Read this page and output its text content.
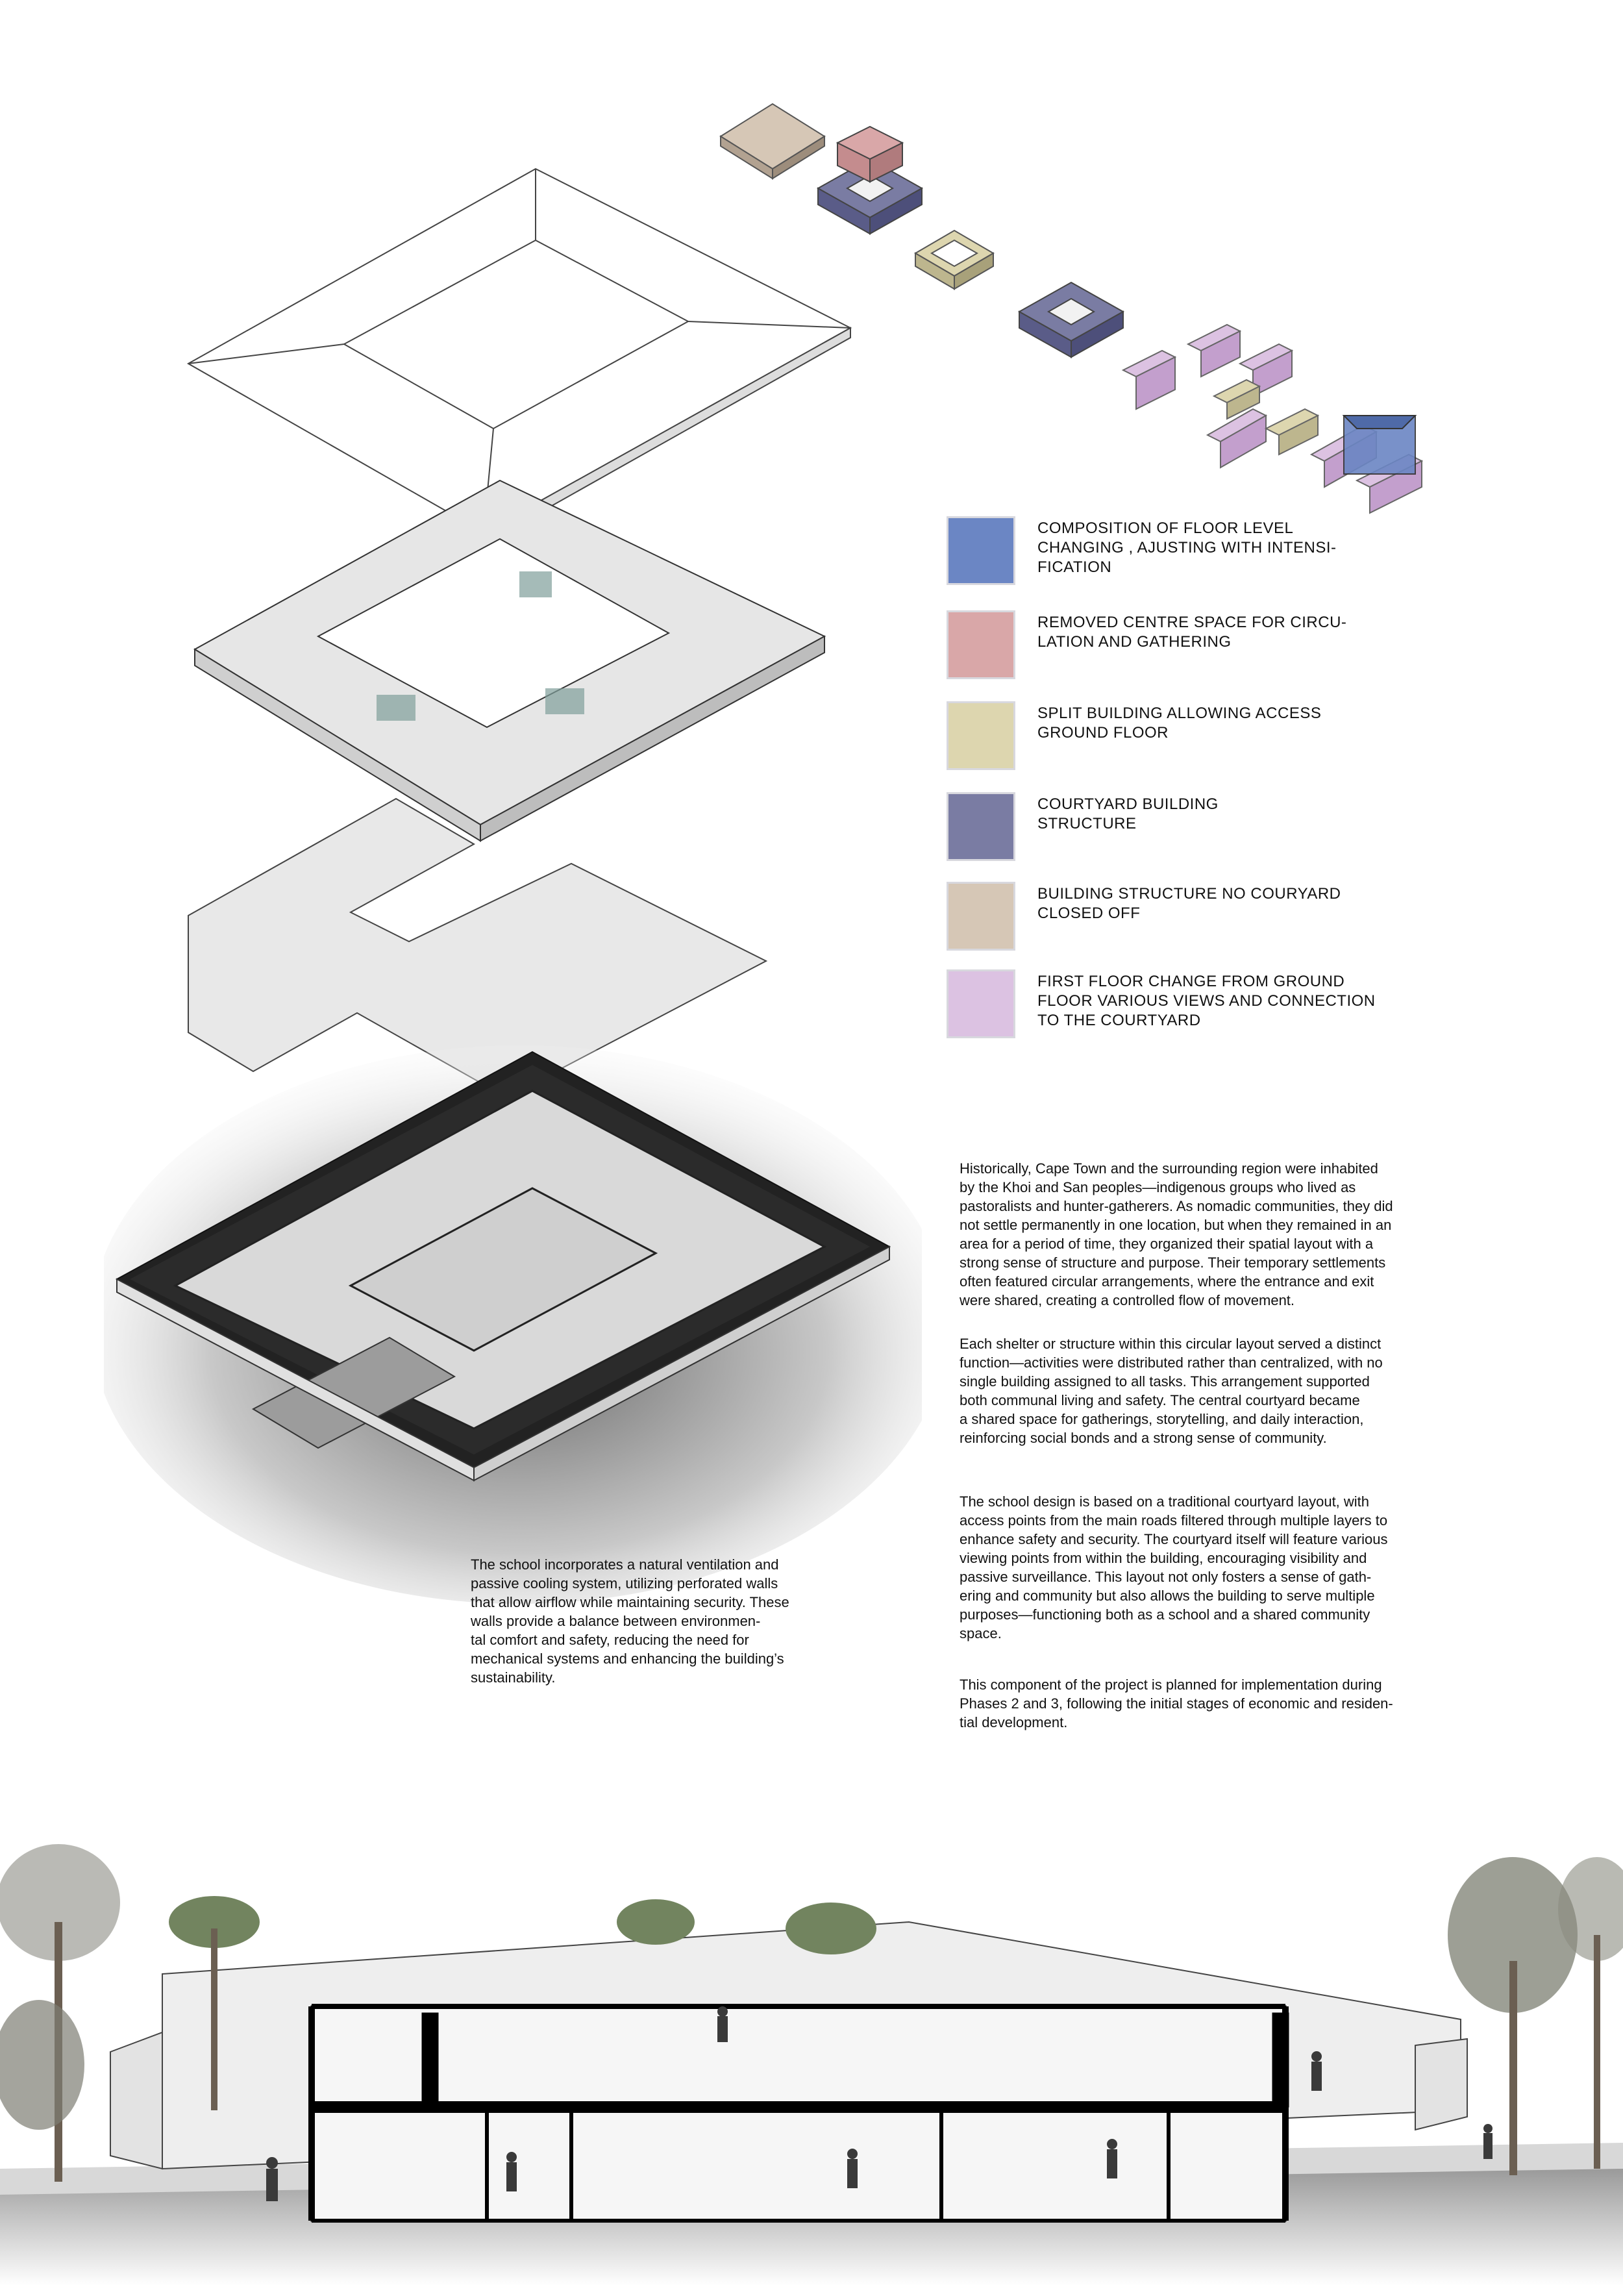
COMPOSITION OF FLOOR LEVEL
CHANGING , AJUSTING WITH INTENSI-
FICATION
REMOVED CENTRE SPACE FOR CIRCU-
LATION AND GATHERING
SPLIT BUILDING ALLOWING ACCESS
GROUND FLOOR
COURTYARD BUILDING
STRUCTURE
BUILDING STRUCTURE NO COURYARD
CLOSED OFF
FIRST FLOOR CHANGE FROM GROUND
FLOOR VARIOUS VIEWS AND CONNECTION
TO THE COURTYARD
The school incorporates a natural ventilation and
passive cooling system, utilizing perforated walls
that allow airflow while maintaining security. These
walls provide a balance between environmen-
tal comfort and safety, reducing the need for
mechanical systems and enhancing the building’s
sustainability.
Historically, Cape Town and the surrounding region were inhabited
by the Khoi and San peoples—indigenous groups who lived as
pastoralists and hunter-gatherers. As nomadic communities, they did
not settle permanently in one location, but when they remained in an
area for a period of time, they organized their spatial layout with a
strong sense of structure and purpose. Their temporary settlements
often featured circular arrangements, where the entrance and exit
were shared, creating a controlled flow of movement.
Each shelter or structure within this circular layout served a distinct
function—activities were distributed rather than centralized, with no
single building assigned to all tasks. This arrangement supported
both communal living and safety. The central courtyard became
a shared space for gatherings, storytelling, and daily interaction,
reinforcing social bonds and a strong sense of community.
The school design is based on a traditional courtyard layout, with
access points from the main roads filtered through multiple layers to
enhance safety and security. The courtyard itself will feature various
viewing points from within the building, encouraging visibility and
passive surveillance. This layout not only fosters a sense of gath-
ering and community but also allows the building to serve multiple
purposes—functioning both as a school and a shared community
space.
This component of the project is planned for implementation during
Phases 2 and 3, following the initial stages of economic and residen-
tial development.
